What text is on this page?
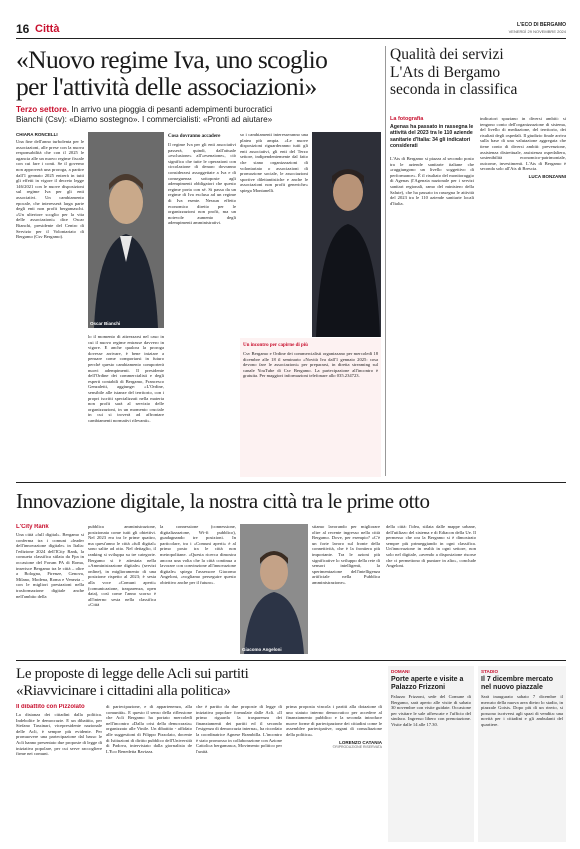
16 Città	L'ECO DI BERGAMO
VENERDÌ 29 NOVEMBRE 2024
«Nuovo regime Iva, uno scoglio
per l'attività delle associazioni»
Terzo settore. In arrivo una pioggia di pesanti adempimenti burocratici
Bianchi (Csv): «Diamo sostegno». I commercialisti: «Pronti ad aiutare»
CHIARA RONCELLI
Una fine dell'anno turbolenta per le associazioni, alle prese con la nuova responsabilità che con il 2025 le agancia alle un nuovo regime fiscale con cui fare i conti. Se il governo non approverà una proroga, a partire dall'1 gennaio 2025 entrerà in tutti gli effetti in vigore il decreto legge 146/2021 con le nuove disposizioni sul regime Iva per gli enti associativi. Un cambiamento epocale, che interesserà larga parte degli enti non profit bergamaschi. «Un ulteriore scoglio per la vita delle associazioni» dice Oscar Bianchi, presidente del Centro di Servizio per il Volontariato di Bergamo (Csv Bergamo).
Oscar Bianchi
lo il momento di attrezzarsi nel caso in cui il nuovo regime entrasse davvero in vigore. E anche qualora la proroga dovesse arrivare, è bene iniziare a pensare come comportarsi in futuro perché questo cambiamento comporterà nuovi adempimenti. Il presidente dell'Ordine dei commercialisti e degli esperti contabili di Bergamo, Francesco Genzaletti, aggiunge: «L'Ordine, sensibile alle istanze del territorio, con i propri iscritti specializzati nella materia non profit sarà al servizio delle organizzazioni, in un momento cruciale in cui si troverà ad affrontare cambiamenti normativi rilevanti».
Cosa dovranno accadere
Il regime Iva per gli enti associativi passerà, quindi, dall'attuale «esclusione» all'«esenzione», ciò significa che tutte le operazioni con circolazione di denaro dovranno considerarsi assoggettate a Iva e di conseguenza sottoposte agli adempimenti obbligatori che questo regime porta con sé. Si passa da un regime di Iva esclusa ad un regime di Iva esente. Nessun effetto economico diretto per le organizzazioni non profit, ma un notevole aumento degli adempimenti amministrativi.
so i cambiamenti interesseranno una platea più ampia. «Le nuove disposizioni riguarderanno tutti gli enti associativi, gli enti del Terzo settore, indipendentemente dal fatto che siano organizzazioni di volontariato o associazioni di promozione sociale, le associazioni sportive dilettantistiche e anche le associazioni non profit generiche» spiega Montanelli.
Un incontro per capirne di più
Csv Bergamo e Ordine dei commercialisti organizzano per mercoledì 18 dicembre alle 18 il seminario «Novità Iva dall'1 gennaio 2025: cosa devono fare le associazioni» per prepararsi, in diretta streaming sul canale YouTube di Csv Bergamo. La partecipazione all'incontro è gratuita. Per maggiori informazioni telefonare allo 035.234723.
Qualità dei servizi
L'Ats di Bergamo
seconda in classifica
La fotografia
Agenas ha passato in rassegna le attività del 2023 tra le 110 aziende sanitarie d'Italia: 34 gli indicatori considerati
L'Ats di Bergamo si piazza al secondo posto tra le aziende sanitarie italiane che «raggiungono un livello soggettivo di performance». È il risultato del monitoraggio di Agenas (l'Agenzia nazionale per i servizi sanitari regionali, ramo del ministero della Salute), che ha passato in rassegna le attività del 2023 tra le 110 aziende sanitarie locali d'Italia.
indicatori spaziano in diversi ambiti: si tengono conto dell'organizzazione di sistema, del livello di mediazione, del territorio, dei risultati degli ospedali. Il giudizio finale arriva sulla base di una valutazione aggregata che tiene conto di diversi ambiti: prevenzione, assistenza distrettuale, assistenza ospedaliera, sostenibilità economico-patrimoniale, outcome, investimenti. L'Ats di Bergamo è seconda solo all'Ats di Brescia.
LUCA BONZANNI
Innovazione digitale, la nostra città tra le prime otto
L'City Rank
Una città «full digital». Bergamo si conferma tra i comuni «leader dell'innovazione digitale» in Italia: l'edizione 2024 dell'ICity Rank, la consueta classifica stilata da Fpa in occasione del Forum PA di Roma, inserisce Bergamo tra le città – oltre a Bologna, Firenze, Genova, Milano, Modena, Roma e Venezia – con le migliori prestazioni nella trasformazione digitale anche nell'ambito della
pubblica amministrazione, posizionata come tutti gli obiettivi. Nel 2023 era tra le prime quattro, ma quest'anno le città «full digital» sono salite ad otto. Nel dettaglio, il ranking si sviluppa su tre categorie. Bergamo si è attestata nella «Amministrazione digitale» (servizi online), in miglioramento di una posizione rispetto al 2023; è sesta alla voce «Comuni aperti» (comunicazione, trasparenza, open data), così come l'anno scorso è all'interno sesta nella classifica «Città
la connessione (connessione, digitalizzazione, Wi-fi pubblico), guadagnando tre posizioni. In particolare, tra i «Comuni aperti» è al primo posto tra le città non metropolitane. «Questa ricerca dimostra ancora una volta che la città continua a lavorare con convinzione all'innovazione digitale» spiega l'assessore Giacomo Angeloni, «vogliamo perseguire questo obiettivo anche per il futuro».
Giacomo Angeloni
stiamo lavorando per migliorare oltre al recente ingresso nella città Bergamo. Dove, per esempio? «C'è un forte lavoro sul fronte della connettività, che è la frontiera più importante. Tra le azioni più significative lo sviluppo della rete di sensori intelligenti, la sperimentazione dell'intelligenza artificiale nella Pubblica amministrazione».
della città: l'idea, stilata dalle mappe urbane, dell'utilizzo del sistema e di Ediacon della Ue. Il permesso che ora la Bergamo si è dimostrato sempre più primeggiando in ogni classifica. Un'innovazione in realtà in ogni settore, non solo nel digitale, «avendo a disposizione risorse che ci permettono di puntare in alto», conclude Angeloni.
Le proposte di legge delle Acli sui partiti
«Riavvicinare i cittadini alla politica»
Il dibattito con Pizzolato
La distanza dei cittadini dalla politica. Indebolite le democrazie. E un dibattito, per Stefano Tassinari, vicepresidente nazionale delle Acli, è sempre più evidente. Per promuovere una partecipazione dal basso le Acli hanno presentato due proposte di legge di iniziativa popolare, per cui serve raccogliere firme nei comuni.
di partecipazione, e di appartenenza, alla comunità». E questo il senso della riflessione che Acli Bergamo ha portato mercoledì nell'incontro «Dalla crisi della democrazia» organizzato alle Vinile. Un dibattito - affidato alle suggestioni di Filippo Pizzolato, docente di Istituzioni di diritto pubblico dell'Università di Padova, intervistato dalla giornalista de L'Eco Benedetta Ravizza.
che è partito da due proposte di legge di iniziativa popolare formulate dalle Acli. «Il primo riguarda la trasparenza dei finanziamenti dei partiti ed il secondo l'esigenza di democrazia interna», ha ricordato la coordinatrice Agnese Brambilla. L'incontro è stato promosso in collaborazione con Azione Cattolica bergamasca, Movimento politico per l'unità.
prima proposta vincola i partiti alla dotazione di uno statuto interno democratico per accedere al finanziamento pubblico e la seconda introduce nuove forme di partecipazione dei cittadini come le assemblee partecipative, organi di consultazione della politica».
LORENZO CATANIA
©RIPRODUZIONE RISERVATA
DOMANI
Porte aperte e visite a Palazzo Frizzoni
Palazzo Frizzoni, sede del Comune di Bergamo, sarà aperto alle visite di sabato 30 novembre con visite guidate. Occasione per visitare le sale affrescate e l'ufficio del sindaco. Ingresso libero con prenotazione. Visite dalle 14 alle 17.30.
STADIO
Il 7 dicembre mercato nel nuovo piazzale
Sarà inaugurato sabato 7 dicembre il mercato della nuova area dietro lo stadio, in piazzale Goisis. Dopo più di un rinvio, si possono iscriversi agli spazi di vendita: una novità per i cittadini e gli ambulanti del quartiere.
